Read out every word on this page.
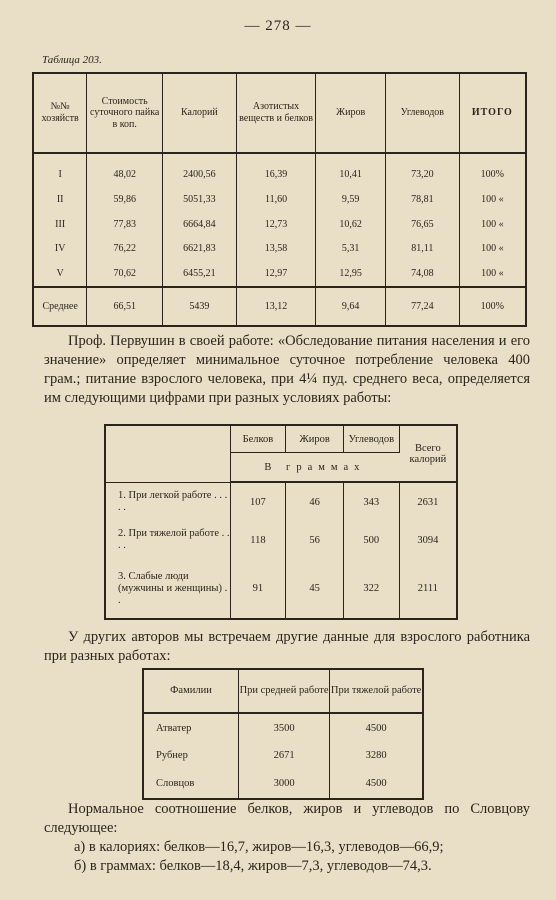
— 278 —
Таблица 203.
№№ хозяйств	Стоимость суточного пайка в коп.	Калорий	Азотистых веществ и белков	Жиров	Углеводов	ИТОГО
I	48,02	2400,56	16,39	10,41	73,20	100%
II	59,86	5051,33	11,60	9,59	78,81	100 «
III	77,83	6664,84	12,73	10,62	76,65	100 «
IV	76,22	6621,83	13,58	5,31	81,11	100 «
V	70,62	6455,21	12,97	12,95	74,08	100 «
Среднее	66,51	5439	13,12	9,64	77,24	100%
Проф. Первушин в своей работе: «Обследование питания населения и его значение» определяет минимальное суточное потребление человека 400 грам.; питание взрослого человека, при 4¼ пуд. среднего веса, определяется им следующими цифрами при разных условиях работы:
	Белков	Жиров	Углеводов	Всего калорий
	В граммах			
1. При легкой работе . . . . .	107	46	343	2631
2. При тяжелой работе . . . .	118	56	500	3094
3. Слабые люди (мужчины и женщины) . .	91	45	322	2111
У других авторов мы встречаем другие данные для взрослого работника при разных работах:
Фамилии	При средней работе	При тяжелой работе
Атватер	3500	4500
Рубнер	2671	3280
Словцов	3000	4500
Нормальное соотношение белков, жиров и углеводов по Словцову следующее:
а) в калориях: белков—16,7, жиров—16,3, углеводов—66,9;
б) в граммах: белков—18,4, жиров—7,3, углеводов—74,3.
